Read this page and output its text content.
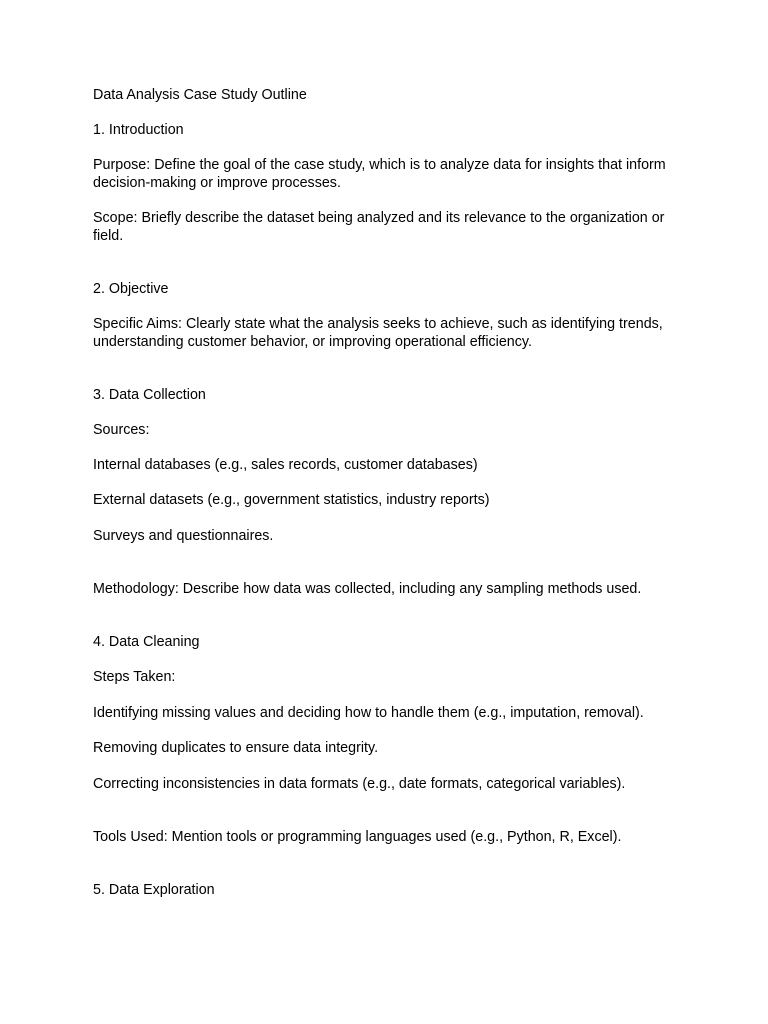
Data Analysis Case Study Outline

1. Introduction

Purpose: Define the goal of the case study, which is to analyze data for insights that inform decision-making or improve processes.

Scope: Briefly describe the dataset being analyzed and its relevance to the organization or field.

2. Objective

Specific Aims: Clearly state what the analysis seeks to achieve, such as identifying trends, understanding customer behavior, or improving operational efficiency.

3. Data Collection

Sources:

Internal databases (e.g., sales records, customer databases)

External datasets (e.g., government statistics, industry reports)

Surveys and questionnaires.

Methodology: Describe how data was collected, including any sampling methods used.

4. Data Cleaning

Steps Taken:

Identifying missing values and deciding how to handle them (e.g., imputation, removal).

Removing duplicates to ensure data integrity.

Correcting inconsistencies in data formats (e.g., date formats, categorical variables).

Tools Used: Mention tools or programming languages used (e.g., Python, R, Excel).

5. Data Exploration
